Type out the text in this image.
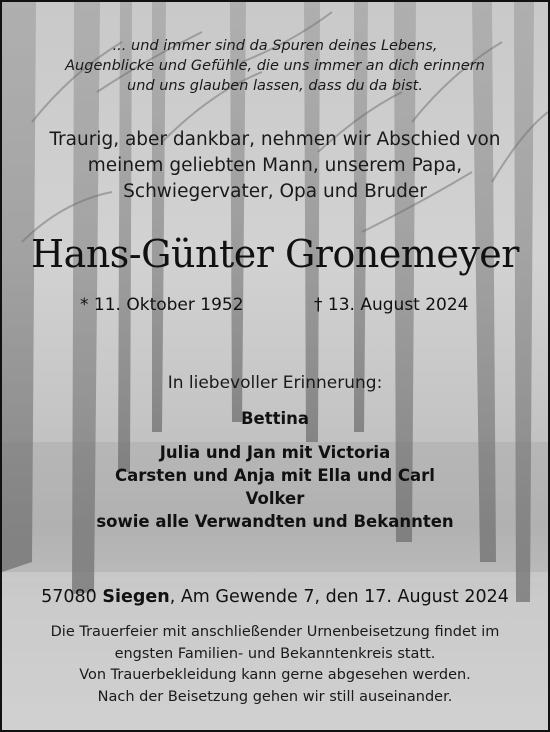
... und immer sind da Spuren deines Lebens,
Augenblicke und Gefühle, die uns immer an dich erinnern
und uns glauben lassen, dass du da bist.
Traurig, aber dankbar, nehmen wir Abschied von
meinem geliebten Mann, unserem Papa,
Schwiegervater, Opa und Bruder
Hans-Günter Gronemeyer
* 11. Oktober 1952	† 13. August 2024
In liebevoller Erinnerung:
Bettina
Julia und Jan mit Victoria
Carsten und Anja mit Ella und Carl
Volker
sowie alle Verwandten und Bekannten
57080 Siegen, Am Gewende 7, den 17. August 2024
Die Trauerfeier mit anschließender Urnenbeisetzung findet im
engsten Familien- und Bekanntenkreis statt.
Von Trauerbekleidung kann gerne abgesehen werden.
Nach der Beisetzung gehen wir still auseinander.
